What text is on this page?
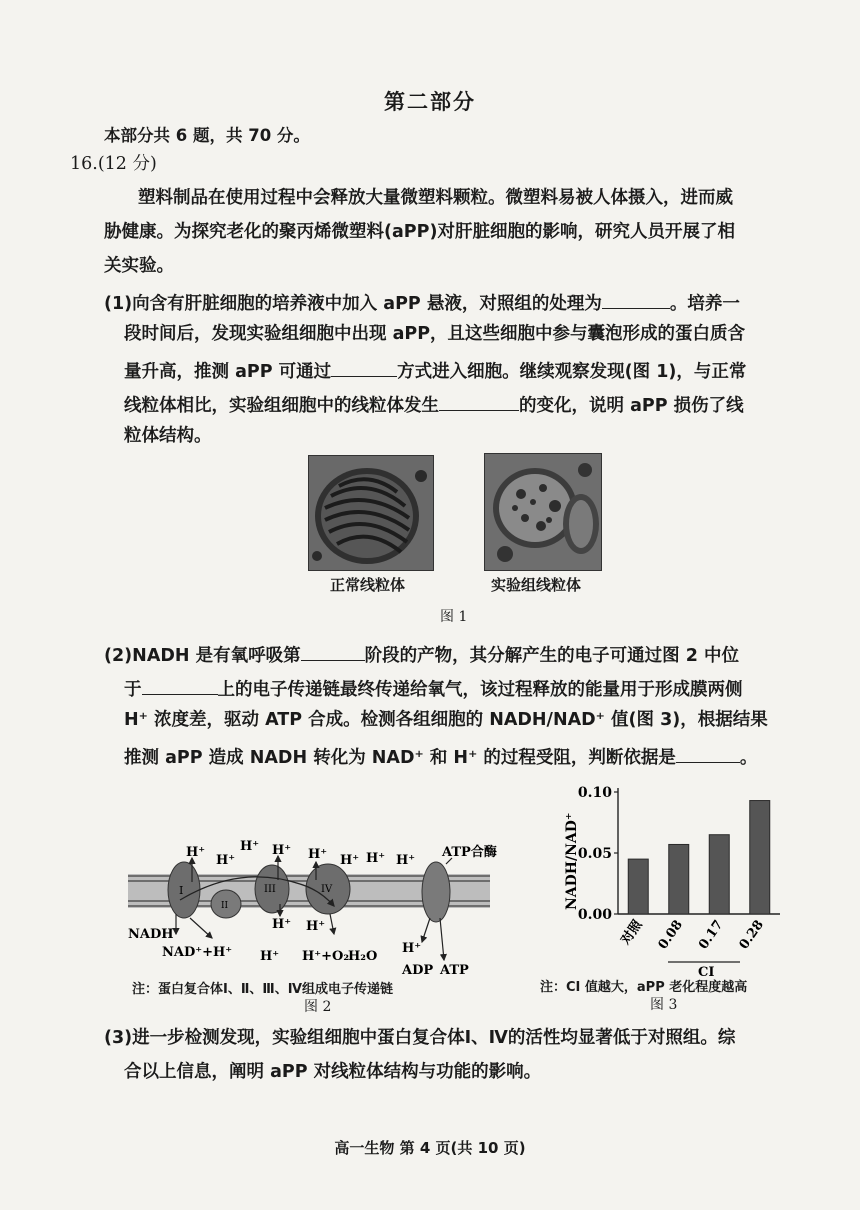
第二部分
本部分共 6 题，共 70 分。
16.(12 分)
塑料制品在使用过程中会释放大量微塑料颗粒。微塑料易被人体摄入，进而威
胁健康。为探究老化的聚丙烯微塑料(aPP)对肝脏细胞的影响，研究人员开展了相
关实验。
(1)向含有肝脏细胞的培养液中加入 aPP 悬液，对照组的处理为	。培养一
段时间后，发现实验组细胞中出现 aPP，且这些细胞中参与囊泡形成的蛋白质含
量升高，推测 aPP 可通过	方式进入细胞。继续观察发现(图 1)，与正常
线粒体相比，实验组细胞中的线粒体发生	的变化，说明 aPP 损伤了线
粒体结构。
正常线粒体	实验组线粒体
图 1
(2)NADH 是有氧呼吸第	阶段的产物，其分解产生的电子可通过图 2 中位
于	上的电子传递链最终传递给氧气，该过程释放的能量用于形成膜两侧
H⁺ 浓度差，驱动 ATP 合成。检测各组细胞的 NADH/NAD⁺ 值(图 3)，根据结果
推测 aPP 造成 NADH 转化为 NAD⁺ 和 H⁺ 的过程受阻，判断依据是	。
I
II
III	IV
H⁺
H⁺
H⁺ H⁺ H⁺ H⁺ H⁺ H⁺
ATP合酶
H⁺ H⁺
H⁺
H⁺
NADH
NAD⁺+H⁺	H⁺+O₂
H₂O
ADP ATP
注：蛋白复合体Ⅰ、Ⅱ、Ⅲ、Ⅳ组成电子传递链
图 2
NADH/NAD⁺
0.00
0.05
0.10
对照 0.08 0.17 0.28
CI
注：CI 值越大，aPP 老化程度越高
图 3
(3)进一步检测发现，实验组细胞中蛋白复合体Ⅰ、Ⅳ的活性均显著低于对照组。综
合以上信息，阐明 aPP 对线粒体结构与功能的影响。
高一生物 第 4 页(共 10 页)
